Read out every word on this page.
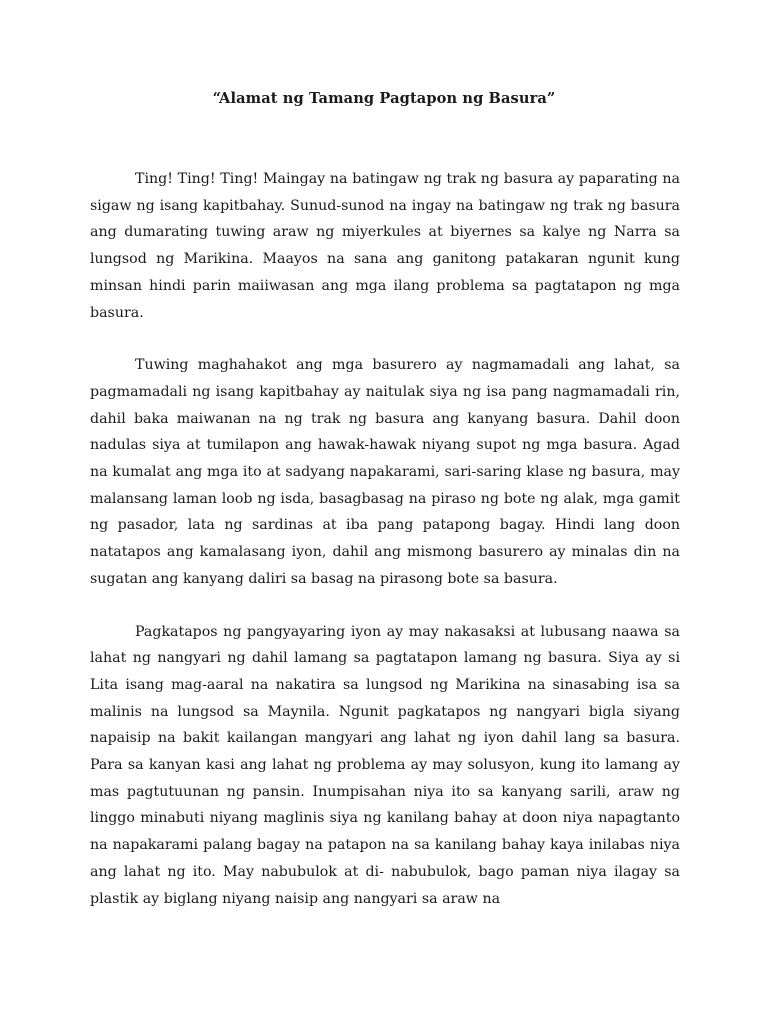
“Alamat ng Tamang Pagtapon ng Basura”

Ting! Ting! Ting! Maingay na batingaw ng trak ng basura ay paparating na sigaw ng isang kapitbahay. Sunud-sunod na ingay na batingaw ng trak ng basura ang dumarating tuwing araw ng miyerkules at biyernes sa kalye ng Narra sa lungsod ng Marikina. Maayos na sana ang ganitong patakaran ngunit kung minsan hindi parin maiiwasan ang mga ilang problema sa pagtatapon ng mga basura.

Tuwing maghahakot ang mga basurero ay nagmamadali ang lahat, sa pagmamadali ng isang kapitbahay ay naitulak siya ng isa pang nagmamadali rin, dahil baka maiwanan na ng trak ng basura ang kanyang basura. Dahil doon nadulas siya at tumilapon ang hawak-hawak niyang supot ng mga basura. Agad na kumalat ang mga ito at sadyang napakarami, sari-saring klase ng basura, may malansang laman loob ng isda, basagbasag na piraso ng bote ng alak, mga gamit ng pasador, lata ng sardinas at iba pang patapong bagay. Hindi lang doon natatapos ang kamalasang iyon, dahil ang mismong basurero ay minalas din na sugatan ang kanyang daliri sa basag na pirasong bote sa basura.

Pagkatapos ng pangyayaring iyon ay may nakasaksi at lubusang naawa sa lahat ng nangyari ng dahil lamang sa pagtatapon lamang ng basura. Siya ay si Lita isang mag-aaral na nakatira sa lungsod ng Marikina na sinasabing isa sa malinis na lungsod sa Maynila. Ngunit pagkatapos ng nangyari bigla siyang napaisip na bakit kailangan mangyari ang lahat ng iyon dahil lang sa basura. Para sa kanyan kasi ang lahat ng problema ay may solusyon, kung ito lamang ay mas pagtutuunan ng pansin. Inumpisahan niya ito sa kanyang sarili, araw ng linggo minabuti niyang maglinis siya ng kanilang bahay at doon niya napagtanto na napakarami palang bagay na patapon na sa kanilang bahay kaya inilabas niya ang lahat ng ito. May nabubulok at di- nabubulok, bago paman niya ilagay sa plastik ay biglang niyang naisip ang nangyari sa araw na
